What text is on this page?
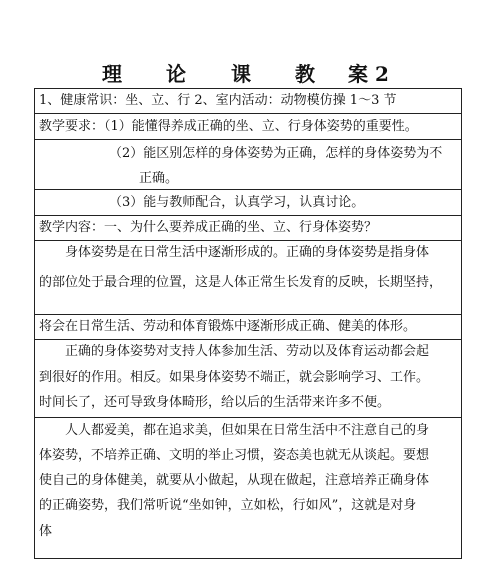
理 论 课 教 案 2
1、健康常识：坐、立、行 2、室内活动：动物模仿操 1～3 节
教学要求：（1）能懂得养成正确的坐、立、行身体姿势的重要性。
（2）能区别怎样的身体姿势为正确，怎样的身体姿势为不
正确。
（3）能与教师配合，认真学习，认真讨论。
教学内容：一、为什么要养成正确的坐、立、行身体姿势？
身体姿势是在日常生活中逐渐形成的。正确的身体姿势是指身体
的部位处于最合理的位置，这是人体正常生长发育的反映，长期坚持，
将会在日常生活、劳动和体育锻炼中逐渐形成正确、健美的体形。
正确的身体姿势对支持人体参加生活、劳动以及体育运动都会起
到很好的作用。相反。如果身体姿势不端正，就会影响学习、工作。
时间长了，还可导致身体畸形，给以后的生活带来许多不便。
人人都爱美，都在追求美，但如果在日常生活中不注意自己的身
体姿势，不培养正确、文明的举止习惯，姿态美也就无从谈起。要想
使自己的身体健美，就要从小做起，从现在做起，注意培养正确身体
的正确姿势，我们常听说“坐如钟，立如松，行如风”，这就是对身
体
